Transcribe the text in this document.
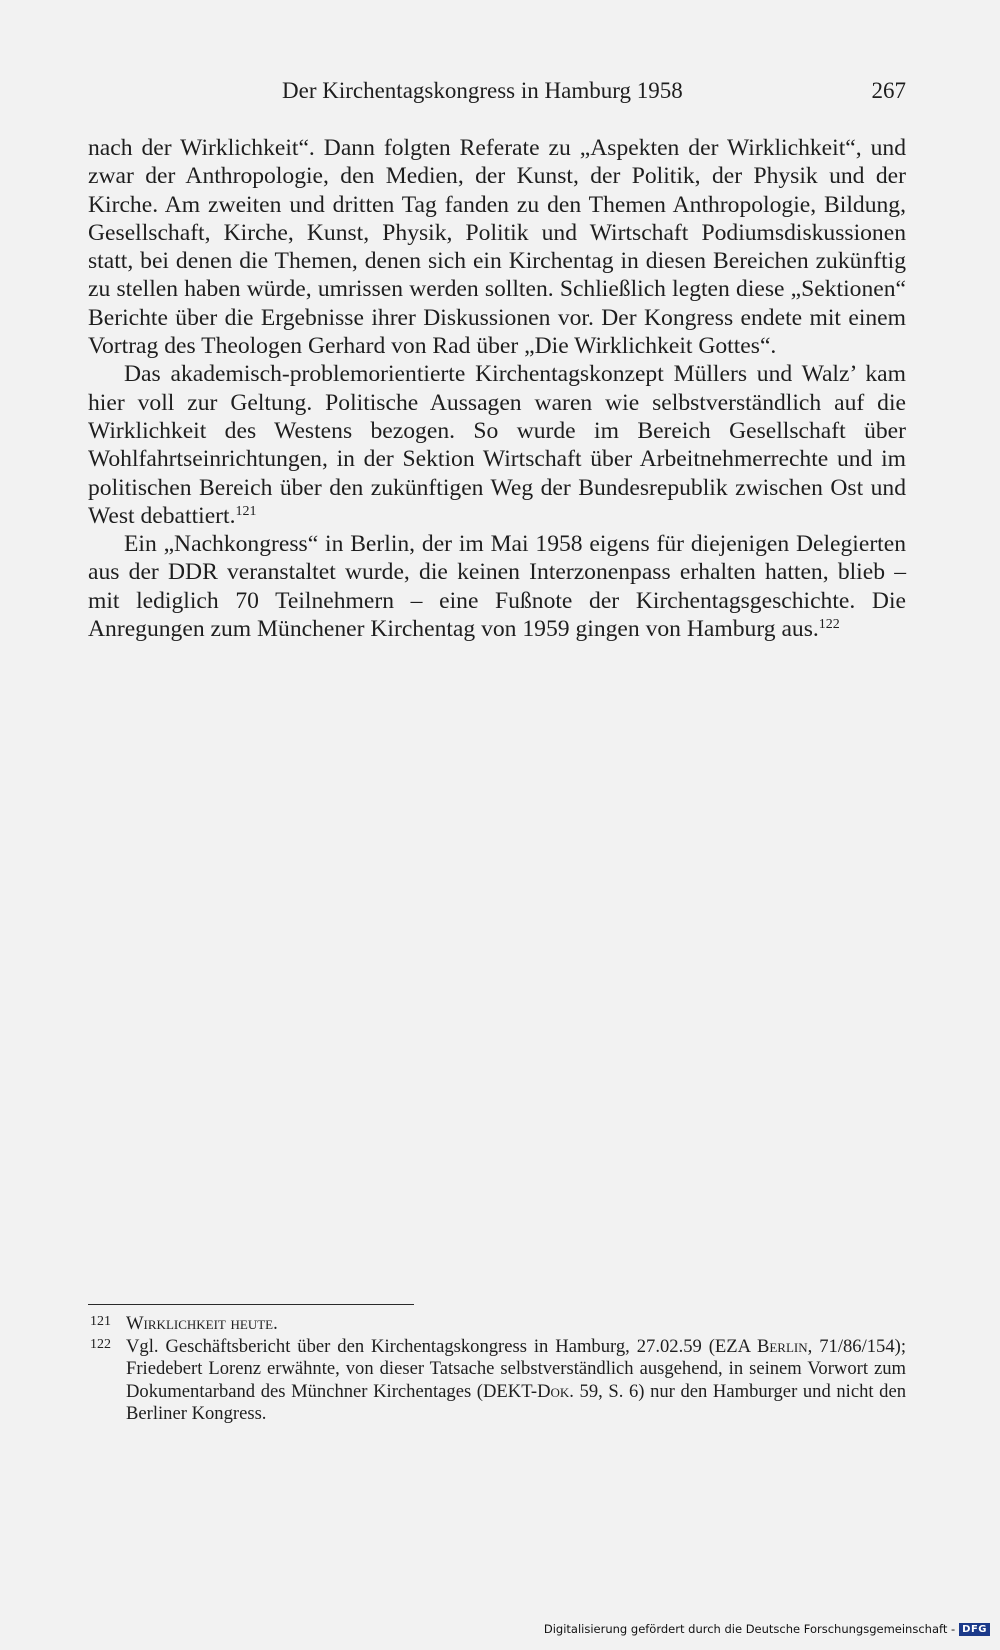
Der Kirchentagskongress in Hamburg 1958	267

nach der Wirklichkeit“. Dann folgten Referate zu „Aspekten der Wirklichkeit“, und zwar der Anthropologie, den Medien, der Kunst, der Politik, der Physik und der Kirche. Am zweiten und dritten Tag fanden zu den Themen Anthropologie, Bildung, Gesellschaft, Kirche, Kunst, Physik, Politik und Wirtschaft Podiumsdiskussionen statt, bei denen die Themen, denen sich ein Kirchentag in diesen Bereichen zukünftig zu stellen haben würde, umrissen werden sollten. Schließlich legten diese „Sektionen“ Berichte über die Ergebnisse ihrer Diskussionen vor. Der Kongress endete mit einem Vortrag des Theologen Gerhard von Rad über „Die Wirklichkeit Gottes“.

Das akademisch-problemorientierte Kirchentagskonzept Müllers und Walz’ kam hier voll zur Geltung. Politische Aussagen waren wie selbstverständlich auf die Wirklichkeit des Westens bezogen. So wurde im Bereich Gesellschaft über Wohlfahrtseinrichtungen, in der Sektion Wirtschaft über Arbeitnehmerrechte und im politischen Bereich über den zukünftigen Weg der Bundesrepublik zwischen Ost und West debattiert.$^{121}$

Ein „Nachkongress“ in Berlin, der im Mai 1958 eigens für diejenigen Delegierten aus der DDR veranstaltet wurde, die keinen Interzonenpass erhalten hatten, blieb – mit lediglich 70 Teilnehmern – eine Fußnote der Kirchentagsgeschichte. Die Anregungen zum Münchener Kirchentag von 1959 gingen von Hamburg aus.$^{122}$

121 Wirklichkeit heute.
122 Vgl. Geschäftsbericht über den Kirchentagskongress in Hamburg, 27.02.59 (EZA Berlin, 71/86/154); Friedebert Lorenz erwähnte, von dieser Tatsache selbstverständlich ausgehend, in seinem Vorwort zum Dokumentarband des Münchner Kirchentages (DEKT-Dok. 59, S. 6) nur den Hamburger und nicht den Berliner Kongress.
Digitalisierung gefördert durch die Deutsche Forschungsgemeinschaft - DFG
